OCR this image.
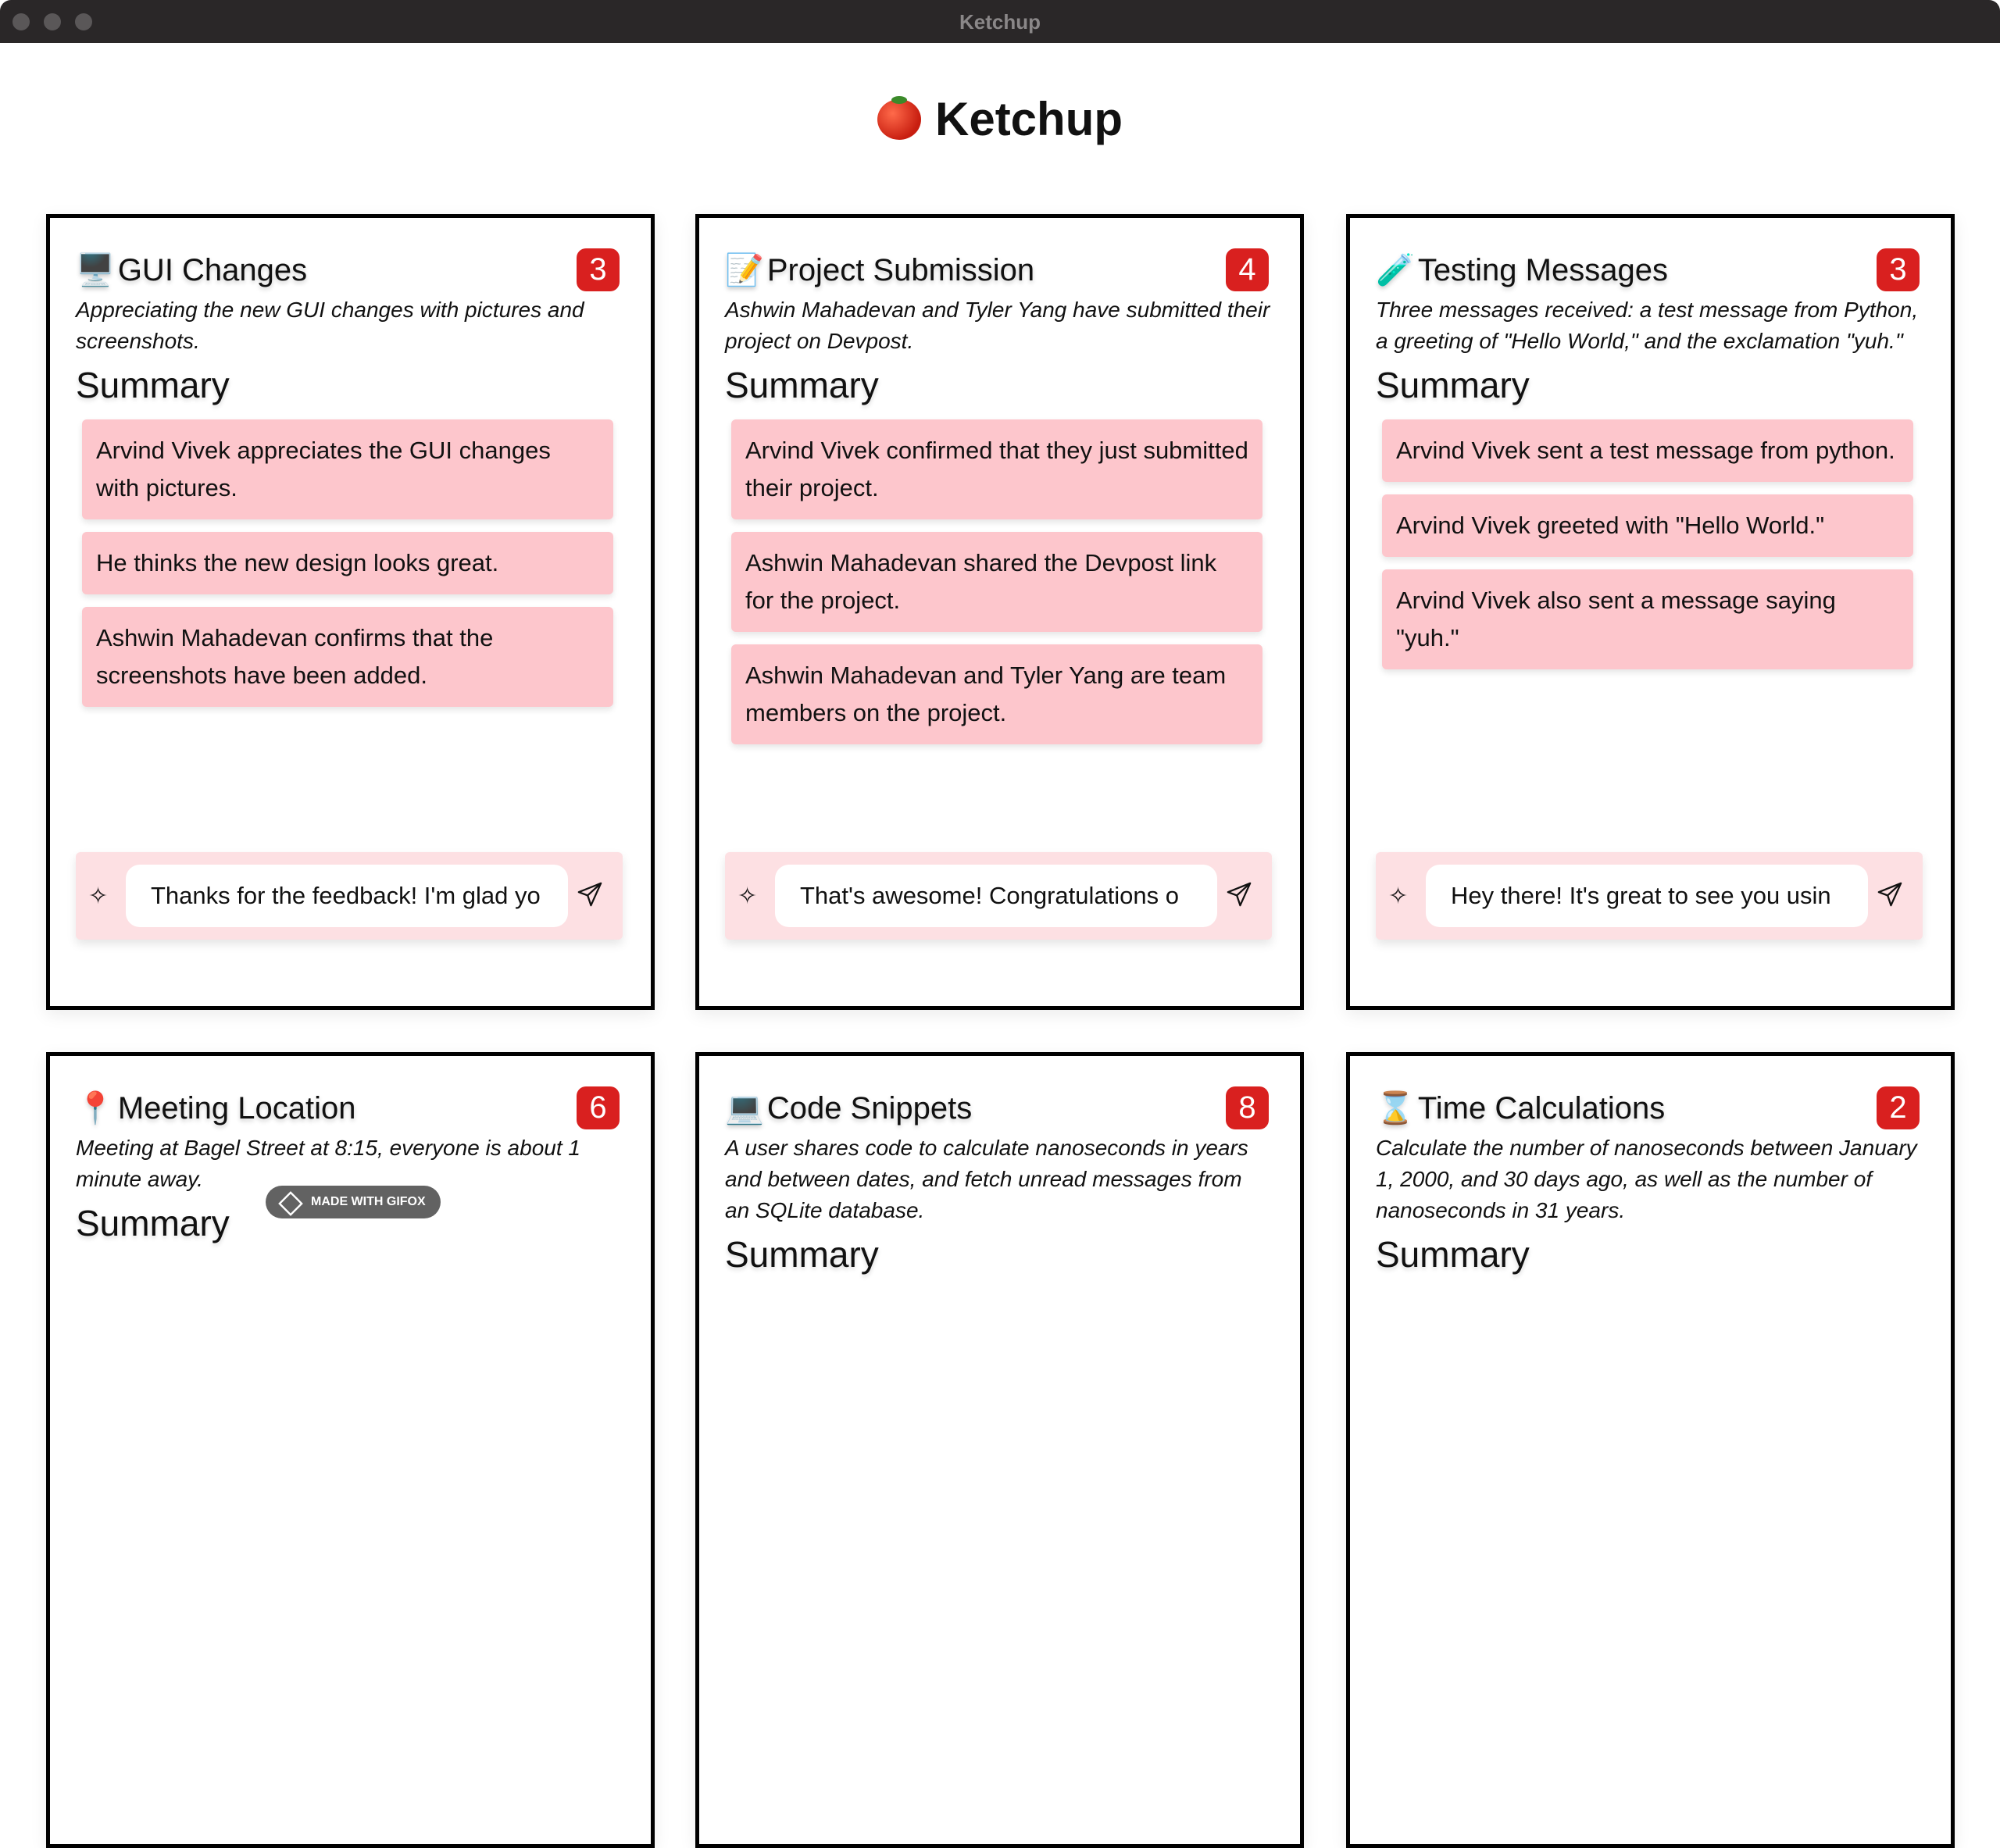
Ketchup
Ketchup
🖥️ GUI Changes	3
Appreciating the new GUI changes with pictures and screenshots.
Summary
Arvind Vivek appreciates the GUI changes with pictures.
He thinks the new design looks great.
Ashwin Mahadevan confirms that the screenshots have been added.
✧	Thanks for the feedback! I'm glad yo
📝 Project Submission	4
Ashwin Mahadevan and Tyler Yang have submitted their project on Devpost.
Summary
Arvind Vivek confirmed that they just submitted their project.
Ashwin Mahadevan shared the Devpost link for the project.
Ashwin Mahadevan and Tyler Yang are team members on the project.
✧	That's awesome! Congratulations o
🧪 Testing Messages	3
Three messages received: a test message from Python, a greeting of "Hello World," and the exclamation "yuh."
Summary
Arvind Vivek sent a test message from python.
Arvind Vivek greeted with "Hello World."
Arvind Vivek also sent a message saying "yuh."
✧	Hey there! It's great to see you usin
📍 Meeting Location	6
Meeting at Bagel Street at 8:15, everyone is about 1 minute away.
Summary
💻 Code Snippets	8
A user shares code to calculate nanoseconds in years and between dates, and fetch unread messages from an SQLite database.
Summary
⌛ Time Calculations	2
Calculate the number of nanoseconds between January 1, 2000, and 30 days ago, as well as the number of nanoseconds in 31 years.
Summary
MADE WITH GIFOX
